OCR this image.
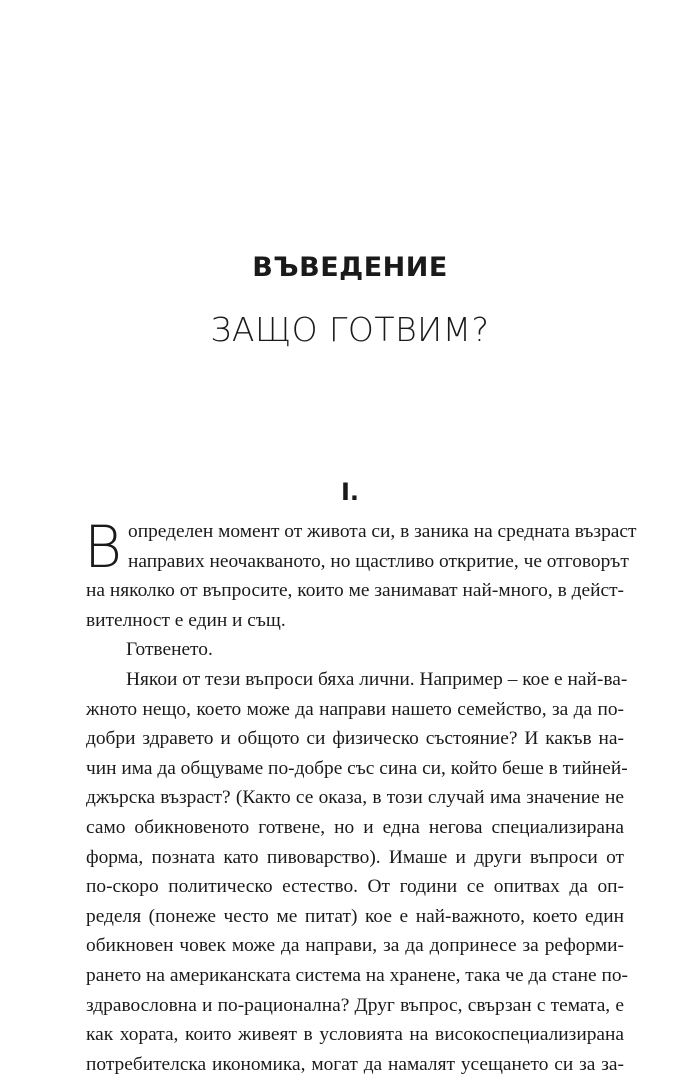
ВЪВЕДЕНИЕ
ЗАЩО ГОТВИМ?
I.
В определен момент от живота си, в заника на средната възраст
направих неочакваното, но щастливо откритие, че отговорът
на няколко от въпросите, които ме занимават най-много, в дейст-
вителност е един и същ.
Готвенето.
Някои от тези въпроси бяха лични. Например – кое е най-ва-
жното нещо, което може да направи нашето семейство, за да по-
добри здравето и общото си физическо състояние? И какъв на-
чин има да общуваме по-добре със сина си, който беше в тийней-
джърска възраст? (Както се оказа, в този случай има значение не
само обикновеното готвене, но и една негова специализирана
форма, позната като пивоварство). Имаше и други въпроси от
по-скоро политическо естество. От години се опитвах да оп-
ределя (понеже често ме питат) кое е най-важното, което един
обикновен човек може да направи, за да допринесе за реформи-
рането на американската система на хранене, така че да стане по-
здравословна и по-рационална? Друг въпрос, свързан с темата, е
как хората, които живеят в условията на високоспециализирана
потребителска икономика, могат да намалят усещането си за за-
